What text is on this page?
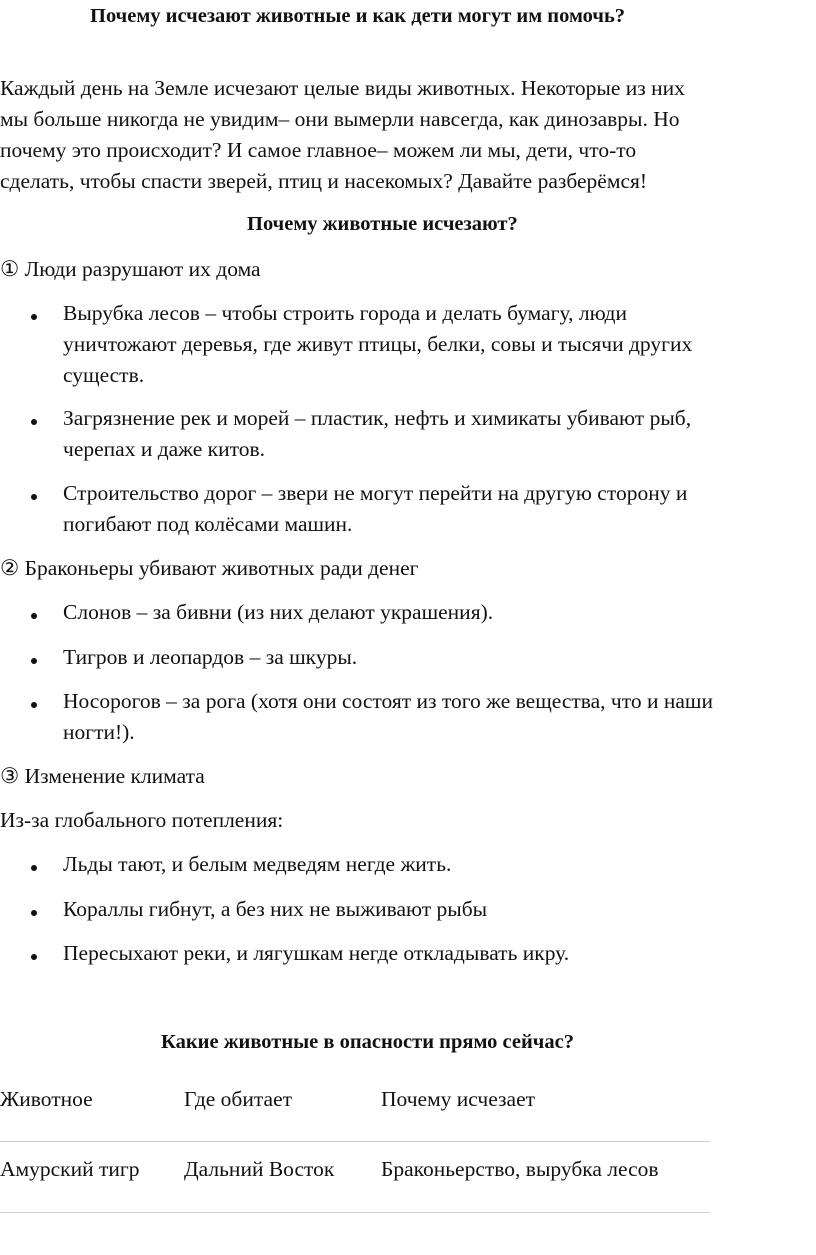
Почему исчезают животные и как дети могут им помочь?
Каждый день на Земле исчезают целые виды животных. Некоторые из них
мы больше никогда не увидим– они вымерли навсегда, как динозавры. Но
почему это происходит? И самое главное– можем ли мы, дети, что-то
сделать, чтобы спасти зверей, птиц и насекомых? Давайте разберёмся!
Почему животные исчезают?
① Люди разрушают их дома
Вырубка лесов – чтобы строить города и делать бумагу, люди
уничтожают деревья, где живут птицы, белки, совы и тысячи других
существ.
Загрязнение рек и морей – пластик, нефть и химикаты убивают рыб,
черепах и даже китов.
Строительство дорог – звери не могут перейти на другую сторону и
погибают под колёсами машин.
② Браконьеры убивают животных ради денег
Слонов – за бивни (из них делают украшения).
Тигров и леопардов – за шкуры.
Носорогов – за рога (хотя они состоят из того же вещества, что и наши
ногти!).
③ Изменение климата
Из-за глобального потепления:
Льды тают, и белым медведям негде жить.
Кораллы гибнут, а без них не выживают рыбы
Пересыхают реки, и лягушкам негде откладывать икру.
Какие животные в опасности прямо сейчас?
Животное	Где обитает	Почему исчезает
Амурский тигр Дальний Восток Браконьерство, вырубка лесов
